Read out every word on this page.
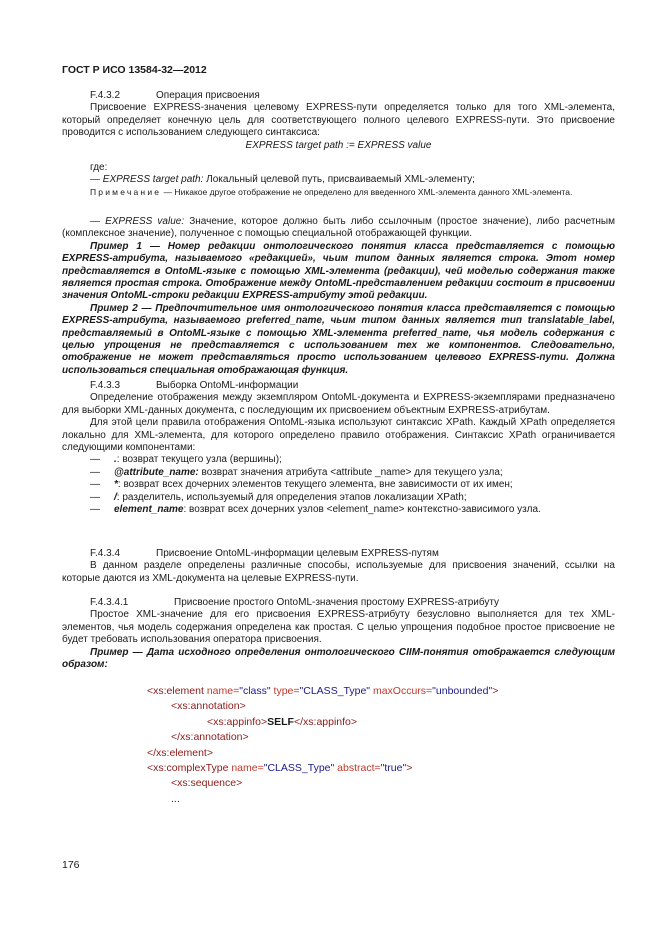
ГОСТ Р ИСО 13584-32—2012
F.4.3.2	Операция присвоения
Присвоение EXPRESS-значения целевому EXPRESS-пути определяется только для того XML-элемента, который определяет конечную цель для соответствующего полного целевого EXPRESS-пути. Это присвоение проводится с использованием следующего синтаксиса:
EXPRESS target path := EXPRESS value
где:
— EXPRESS target path: Локальный целевой путь, присваиваемый XML-элементу;
Примечание — Никакое другое отображение не определено для введенного XML-элемента данного XML-элемента.
— EXPRESS value: Значение, которое должно быть либо ссылочным (простое значение), либо расчетным (комплексное значение), полученное с помощью специальной отображающей функции.
Пример 1 — Номер редакции онтологического понятия класса представляется с помощью EXPRESS-атрибута, называемого «редакцией», чьим типом данных является строка. Этот номер представляется в OntoML-языке с помощью XML-элемента (редакции), чей моделью содержания также является простая строка. Отображение между OntoML-представлением редакции состоит в присвоении значения OntoML-строки редакции EXPRESS-атрибуту этой редакции.
Пример 2 — Предпочтительное имя онтологического понятия класса представляется с помощью EXPRESS-атрибута, называемого preferred_name, чьим типом данных является тип translatable_label, представляемый в OntoML-языке с помощью XML-элемента preferred_name, чья модель содержания с целью упрощения не представляется с использованием тех же компонентов. Следовательно, отображение не может представляться просто использованием целевого EXPRESS-пути. Должна использоваться специальная отображающая функция.
F.4.3.3	Выборка OntoML-информации
Определение отображения между экземпляром OntoML-документа и EXPRESS-экземплярами предназначено для выборки XML-данных документа, с последующим их присвоением объектным EXPRESS-атрибутам.
Для этой цели правила отображения OntoML-языка используют синтаксис XPath. Каждый XPath определяется локально для XML-элемента, для которого определено правило отображения. Синтаксис XPath ограничивается следующими компонентами:
—	.: возврат текущего узла (вершины);
—	@attribute_name: возврат значения атрибута <attribute _name> для текущего узла;
—	*: возврат всех дочерних элементов текущего элемента, вне зависимости от их имен;
—	/: разделитель, используемый для определения этапов локализации XPath;
—	element_name: возврат всех дочерних узлов <element_name> контекстно-зависимого узла.
F.4.3.4	Присвоение OntoML-информации целевым EXPRESS-путям
В данном разделе определены различные способы, используемые для присвоения значений, ссылки на которые даются из XML-документа на целевые EXPRESS-пути.
F.4.3.4.1	Присвоение простого OntoML-значения простому EXPRESS-атрибуту
Простое XML-значение для его присвоения EXPRESS-атрибуту безусловно выполняется для тех XML-элементов, чья модель содержания определена как простая. С целью упрощения подобное простое присвоение не будет требовать использования оператора присвоения.
Пример — Дата исходного определения онтологического CIIM-понятия отображается следующим образом:
<xs:element name="class" type="CLASS_Type" maxOccurs="unbounded">
<xs:annotation>
<xs:appinfo>SELF</xs:appinfo>
</xs:annotation>
</xs:element>
<xs:complexType name="CLASS_Type" abstract="true">
<xs:sequence>
...
176
